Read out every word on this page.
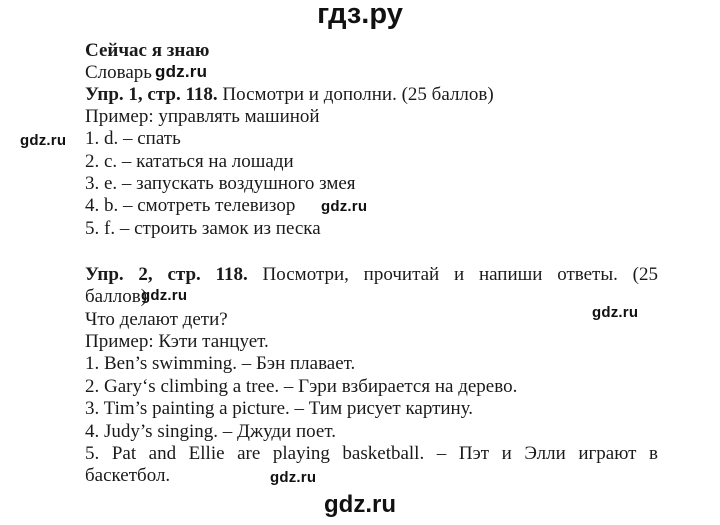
гдз.ру
Сейчас я знаю
Словарь gdz.ru
Упр. 1, стр. 118. Посмотри и дополни. (25 баллов)
Пример: управлять машиной
gdz.ru 1. d. – спать
2. c. – кататься на лошади
3. e. – запускать воздушного змея
4. b. – смотреть телевизор gdz.ru
5. f. – строить замок из песка
Упр. 2, стр. 118. Посмотри, прочитай и напиши ответы. (25
баллов)
gdz.ru
Что делают дети?	gdz.ru
Пример: Кэти танцует.
1. Ben’s swimming. – Бэн плавает.
2. Gary‘s climbing a tree. – Гэри взбирается на дерево.
3. Tim’s painting a picture. – Тим рисует картину.
4. Judy’s singing. – Джуди поет.
5. Pat and Ellie are playing basketball. – Пэт и Элли играют в
баскетбол.	gdz.ru
gdz.ru
